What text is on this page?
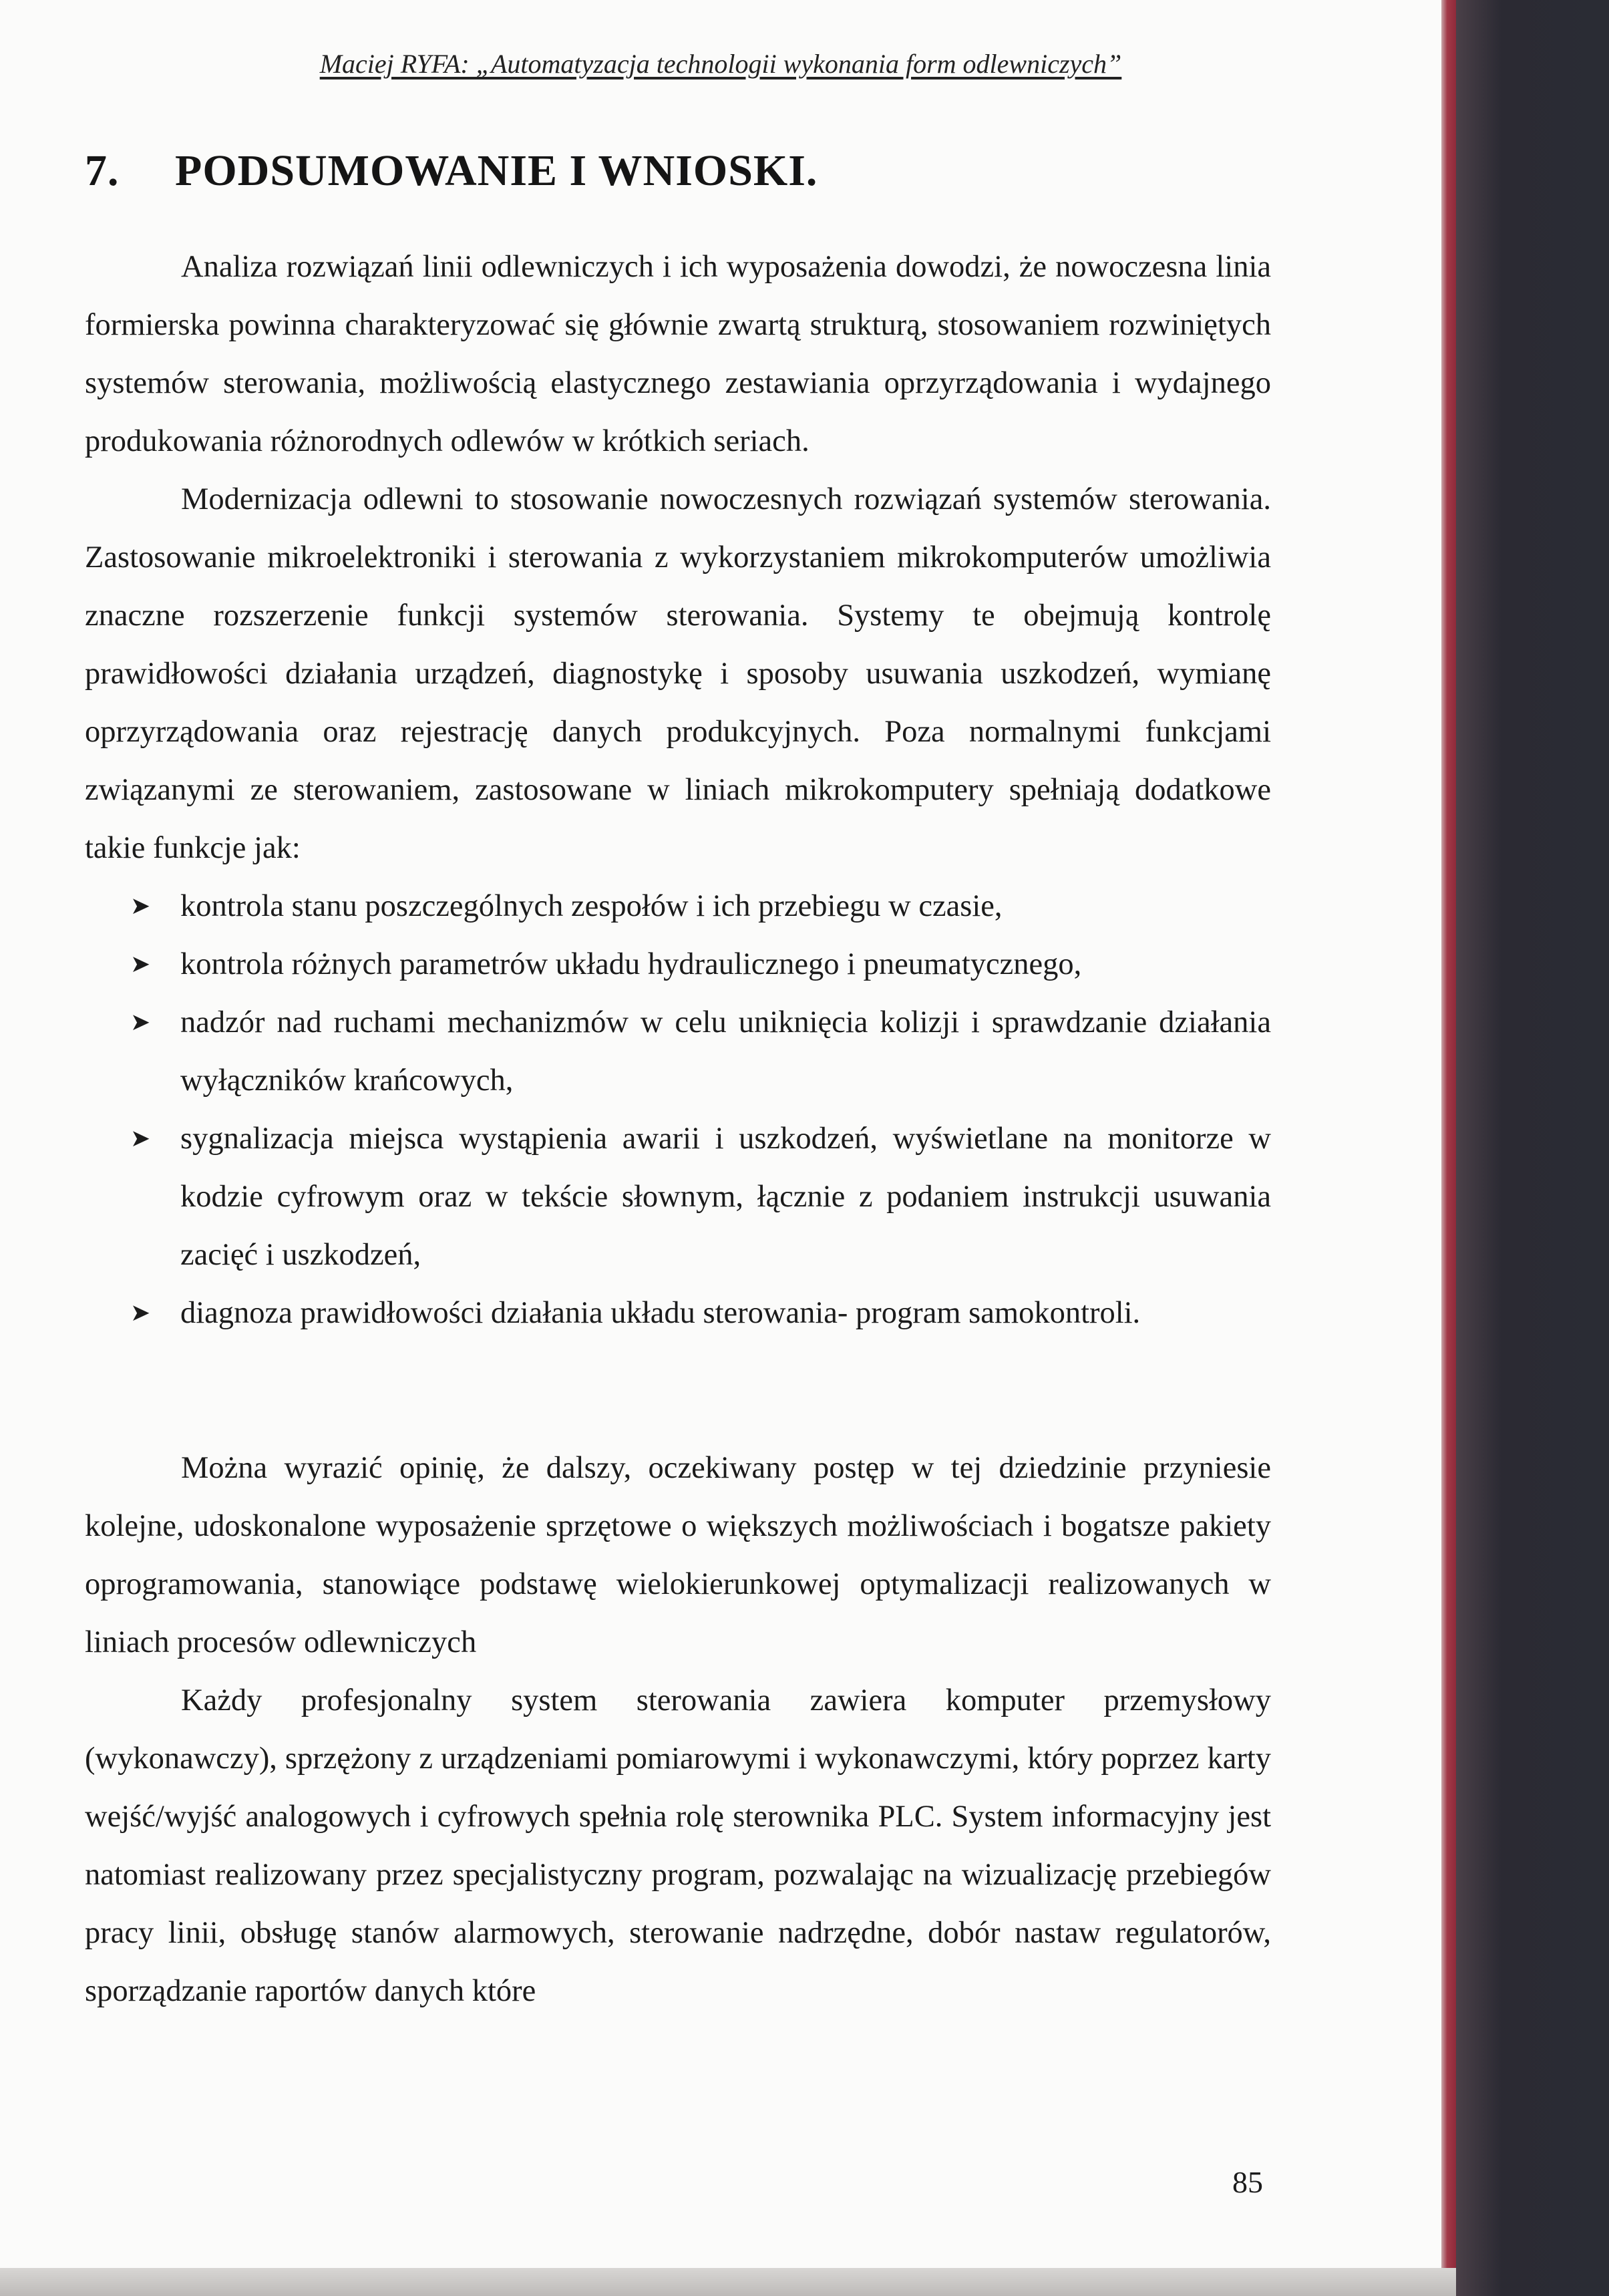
Maciej RYFA: „Automatyzacja technologii wykonania form odlewniczych”
7. PODSUMOWANIE I WNIOSKI.

Analiza rozwiązań linii odlewniczych i ich wyposażenia dowodzi, że nowoczesna linia formierska powinna charakteryzować się głównie zwartą strukturą, stosowaniem rozwiniętych systemów sterowania, możliwością elastycznego zestawiania oprzyrządowania i wydajnego produkowania różnorodnych odlewów w krótkich seriach.

Modernizacja odlewni to stosowanie nowoczesnych rozwiązań systemów sterowania. Zastosowanie mikroelektroniki i sterowania z wykorzystaniem mikrokomputerów umożliwia znaczne rozszerzenie funkcji systemów sterowania. Systemy te obejmują kontrolę prawidłowości działania urządzeń, diagnostykę i sposoby usuwania uszkodzeń, wymianę oprzyrządowania oraz rejestrację danych produkcyjnych. Poza normalnymi funkcjami związanymi ze sterowaniem, zastosowane w liniach mikrokomputery spełniają dodatkowe takie funkcje jak:

➤ kontrola stanu poszczególnych zespołów i ich przebiegu w czasie,
➤ kontrola różnych parametrów układu hydraulicznego i pneumatycznego,
➤ nadzór nad ruchami mechanizmów w celu uniknięcia kolizji i sprawdzanie działania wyłączników krańcowych,
➤ sygnalizacja miejsca wystąpienia awarii i uszkodzeń, wyświetlane na monitorze w kodzie cyfrowym oraz w tekście słownym, łącznie z podaniem instrukcji usuwania zacięć i uszkodzeń,
➤ diagnoza prawidłowości działania układu sterowania- program samokontroli.

Można wyrazić opinię, że dalszy, oczekiwany postęp w tej dziedzinie przyniesie kolejne, udoskonalone wyposażenie sprzętowe o większych możliwościach i bogatsze pakiety oprogramowania, stanowiące podstawę wielokierunkowej optymalizacji realizowanych w liniach procesów odlewniczych

Każdy profesjonalny system sterowania zawiera komputer przemysłowy (wykonawczy), sprzężony z urządzeniami pomiarowymi i wykonawczymi, który poprzez karty wejść/wyjść analogowych i cyfrowych spełnia rolę sterownika PLC. System informacyjny jest natomiast realizowany przez specjalistyczny program, pozwalając na wizualizację przebiegów pracy linii, obsługę stanów alarmowych, sterowanie nadrzędne, dobór nastaw regulatorów, sporządzanie raportów danych które

85
